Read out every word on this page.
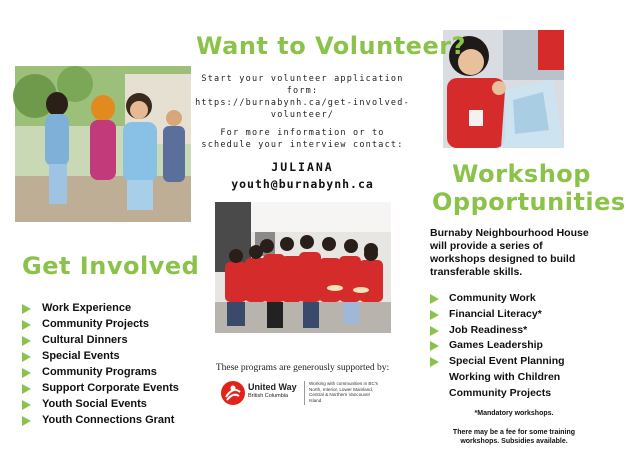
Want to Volunteer?
Start your volunteer application
form:
https://burnabynh.ca/get-involved-
volunteer/
For more information or to
schedule your interview contact:
JULIANA
youth@burnabynh.ca
Get Involved
Work Experience
Community Projects
Cultural Dinners
Special Events
Community Programs
Support Corporate Events
Youth Social Events
Youth Connections Grant
These programs are generously supported by:
United Way
British Columbia
Working with communities in BC's North, Interior, Lower Mainland, Central & Northern Vancouver Island
Workshop
Opportunities
Burnaby Neighbourhood House will provide a series of workshops designed to build transferable skills.
Community Work
Financial Literacy*
Job Readiness*
Games Leadership
Special Event Planning
Working with Children
Community Projects
*Mandatory workshops.
There may be a fee for some training
workshops. Subsidies available.
